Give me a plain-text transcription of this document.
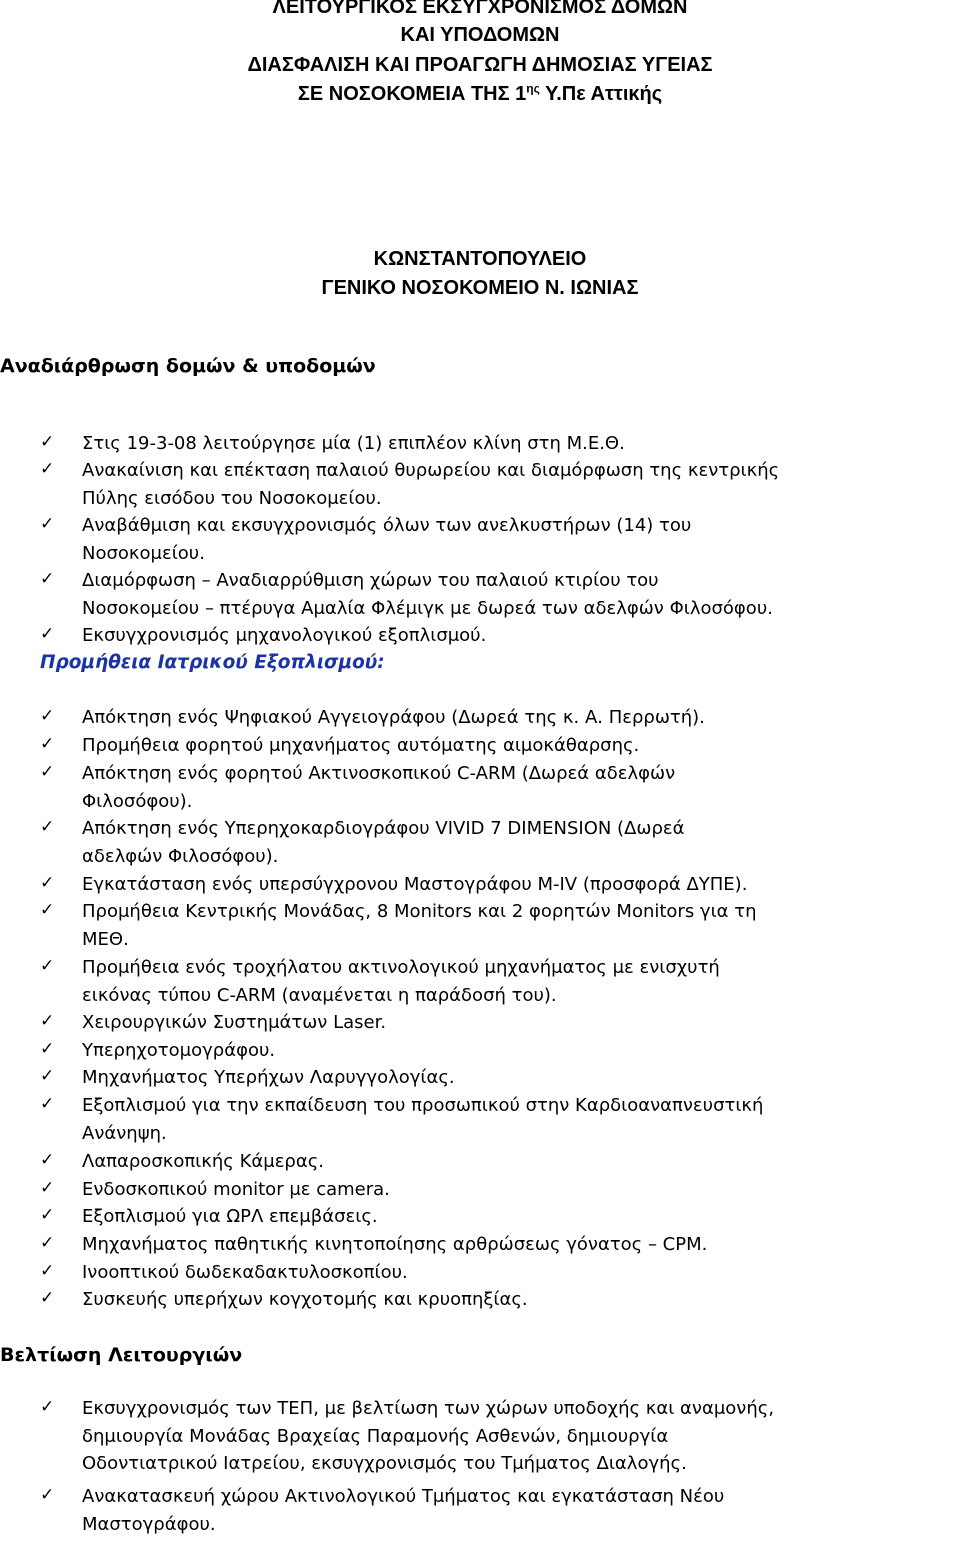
ΛΕΙΤΟΥΡΓΙΚΟΣ ΕΚΣΥΓΧΡΟΝΙΣΜΟΣ ΔΟΜΩΝ
ΚΑΙ ΥΠΟΔΟΜΩΝ
ΔΙΑΣΦΑΛΙΣΗ ΚΑΙ ΠΡΟΑΓΩΓΗ ΔΗΜΟΣΙΑΣ ΥΓΕΙΑΣ
ΣΕ ΝΟΣΟΚΟΜΕΙΑ ΤΗΣ $1^{\eta\varsigma}$ Υ.Πε Αττικής
ΚΩΝΣΤΑΝΤΟΠΟΥΛΕΙΟ
ΓΕΝΙΚΟ ΝΟΣΟΚΟΜΕΙΟ Ν. ΙΩΝΙΑΣ
Αναδιάρθρωση δομών & υποδομών
✓	Στις 19-3-08 λειτούργησε μία (1) επιπλέον κλίνη στη Μ.Ε.Θ.
✓	Ανακαίνιση και επέκταση παλαιού θυρωρείου και διαμόρφωση της κεντρικής
Πύλης εισόδου του Νοσοκομείου.
✓	Αναβάθμιση και εκσυγχρονισμός όλων των ανελκυστήρων (14) του
Νοσοκομείου.
✓	Διαμόρφωση – Αναδιαρρύθμιση χώρων του παλαιού κτιρίου του
Νοσοκομείου – πτέρυγα Αμαλία Φλέμιγκ με δωρεά των αδελφών Φιλοσόφου.
✓	Εκσυγχρονισμός μηχανολογικού εξοπλισμού.
Προμήθεια Ιατρικού Εξοπλισμού:
✓	Απόκτηση ενός Ψηφιακού Αγγειογράφου (Δωρεά της κ. Α. Περρωτή).
✓	Προμήθεια φορητού μηχανήματος αυτόματης αιμοκάθαρσης.
✓	Απόκτηση ενός φορητού Ακτινοσκοπικού C-ARM (Δωρεά αδελφών
Φιλοσόφου).
✓	Απόκτηση ενός Υπερηχοκαρδιογράφου VIVID 7 DIMENSION (Δωρεά
αδελφών Φιλοσόφου).
✓	Εγκατάσταση ενός υπερσύγχρονου Μαστογράφου M-IV (προσφορά ΔΥΠΕ).
✓	Προμήθεια Κεντρικής Μονάδας, 8 Monitors και 2 φορητών Monitors για τη
ΜΕΘ.
✓	Προμήθεια ενός τροχήλατου ακτινολογικού μηχανήματος με ενισχυτή
εικόνας τύπου C-ARM (αναμένεται η παράδοσή του).
✓	Χειρουργικών Συστημάτων Laser.
✓	Υπερηχοτομογράφου.
✓	Μηχανήματος Υπερήχων Λαρυγγολογίας.
✓	Εξοπλισμού για την εκπαίδευση του προσωπικού στην Καρδιοαναπνευστική
Ανάνηψη.
✓	Λαπαροσκοπικής Κάμερας.
✓	Ενδοσκοπικού monitor με camera.
✓	Εξοπλισμού για ΩΡΛ επεμβάσεις.
✓	Μηχανήματος παθητικής κινητοποίησης αρθρώσεως γόνατος – CPM.
✓	Ινοοπτικού δωδεκαδακτυλοσκοπίου.
✓	Συσκευής υπερήχων κογχοτομής και κρυοπηξίας.
Βελτίωση Λειτουργιών
✓	Εκσυγχρονισμός των ΤΕΠ, με βελτίωση των χώρων υποδοχής και αναμονής,
δημιουργία Μονάδας Βραχείας Παραμονής Ασθενών, δημιουργία
Οδοντιατρικού Ιατρείου, εκσυγχρονισμός του Τμήματος Διαλογής.
✓	Ανακατασκευή χώρου Ακτινολογικού Τμήματος και εγκατάσταση Νέου
Μαστογράφου.
